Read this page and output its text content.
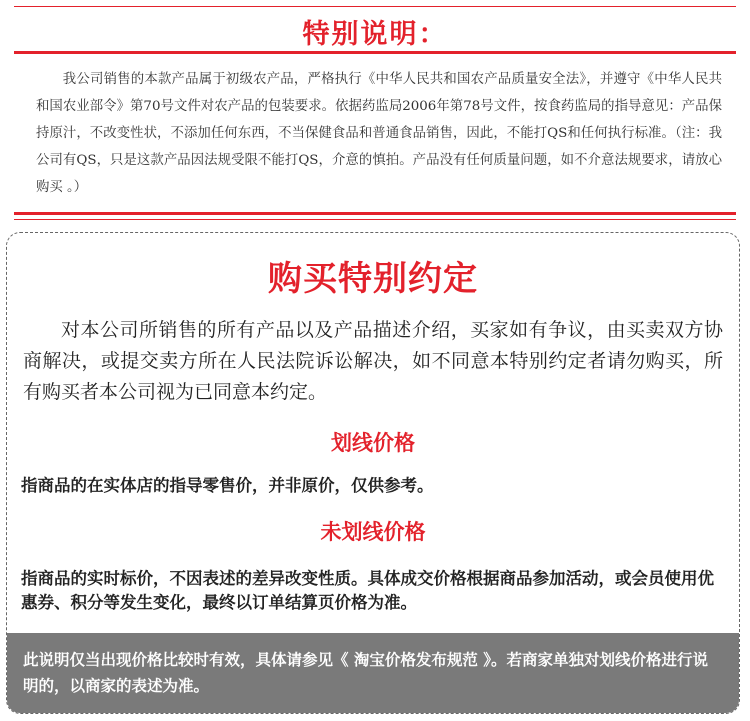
特别说明：
我公司销售的本款产品属于初级农产品，严格执行《中华人民共和国农产品质量安全法》，并遵守《中华人民共和国农业部令》第70号文件对农产品的包装要求。依据药监局2006年第78号文件，按食药监局的指导意见：产品保持原汁，不改变性状，不添加任何东西，不当保健食品和普通食品销售，因此，不能打QS和任何执行标准。（注：我公司有QS，只是这款产品因法规受限不能打QS，介意的慎拍。产品没有任何质量问题，如不介意法规要求，请放心购买 。）
购买特别约定
对本公司所销售的所有产品以及产品描述介绍，买家如有争议，由买卖双方协商解决，或提交卖方所在人民法院诉讼解决，如不同意本特别约定者请勿购买，所有购买者本公司视为已同意本约定。
划线价格
指商品的在实体店的指导零售价，并非原价，仅供参考。
未划线价格
指商品的实时标价，不因表述的差异改变性质。具体成交价格根据商品参加活动，或会员使用优惠券、积分等发生变化，最终以订单结算页价格为准。
此说明仅当出现价格比较时有效，具体请参见《 淘宝价格发布规范 》。若商家单独对划线价格进行说明的，以商家的表述为准。
